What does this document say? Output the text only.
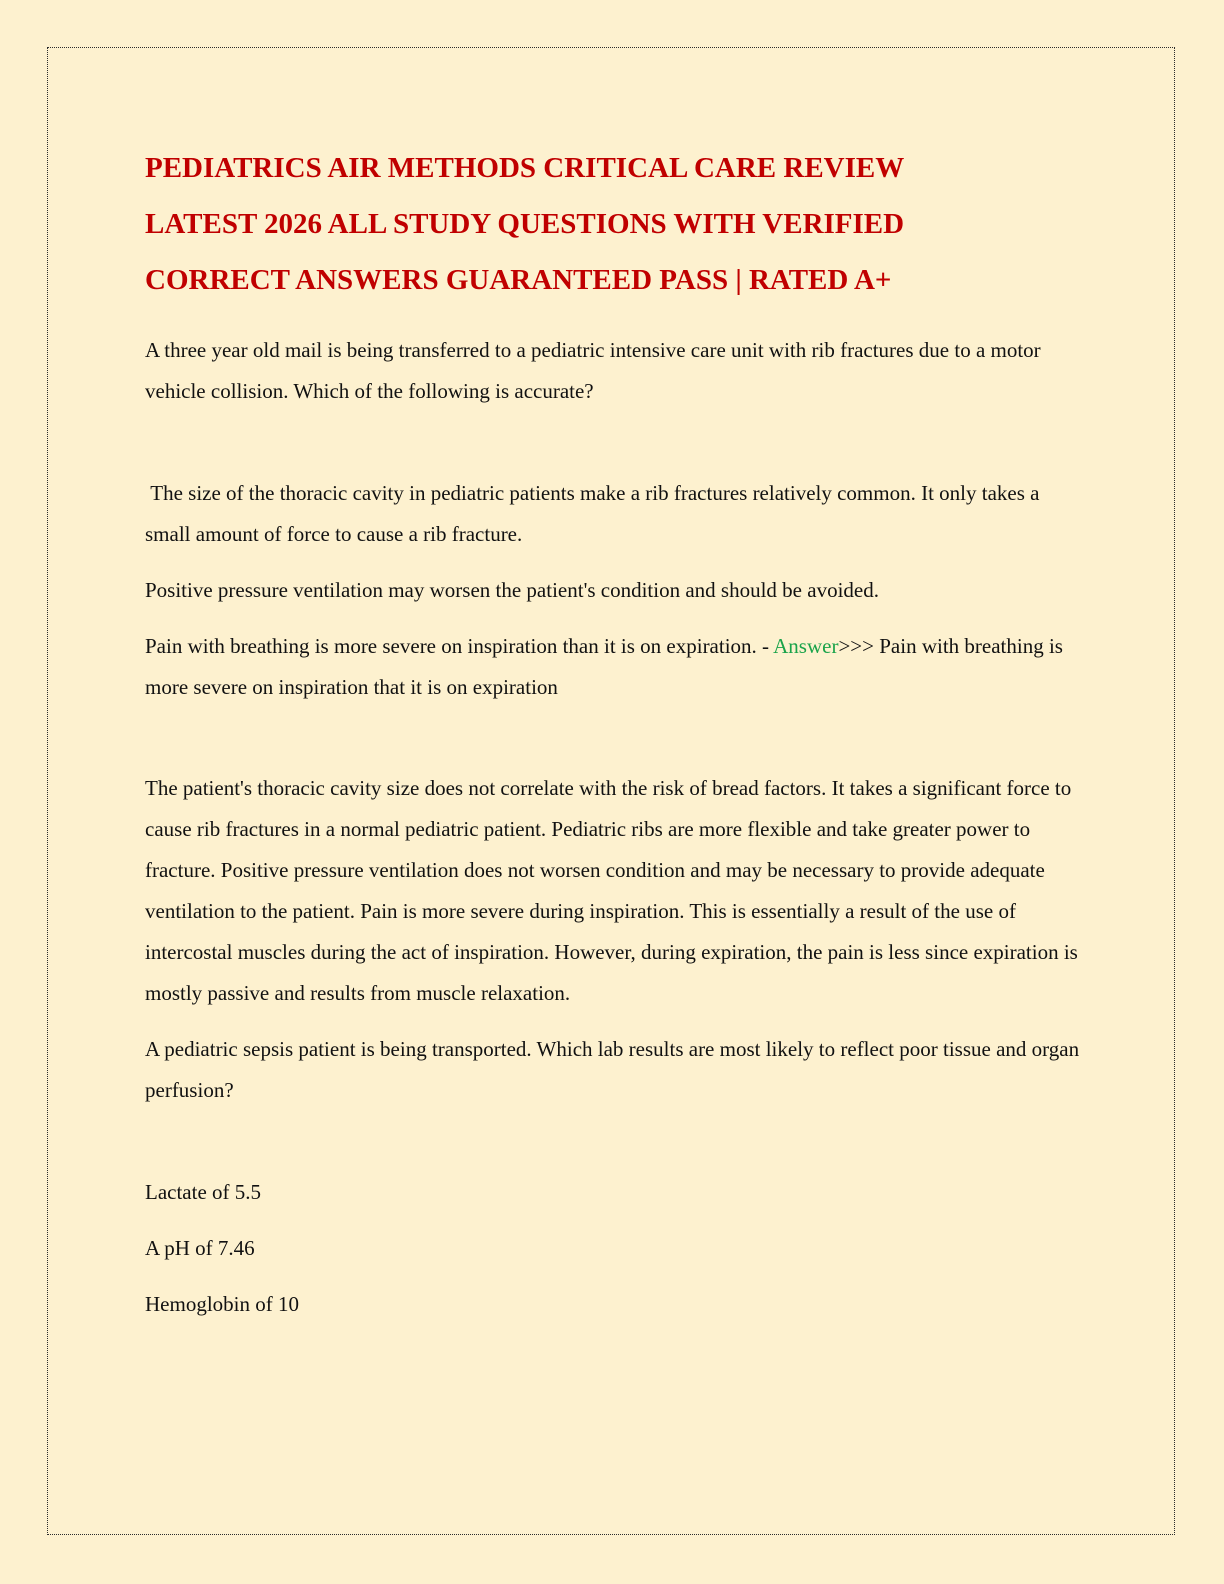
PEDIATRICS AIR METHODS CRITICAL CARE REVIEW
LATEST 2026 ALL STUDY QUESTIONS WITH VERIFIED
CORRECT ANSWERS GUARANTEED PASS | RATED A+

A three year old mail is being transferred to a pediatric intensive care unit with rib fractures due to a motor vehicle collision. Which of the following is accurate?

The size of the thoracic cavity in pediatric patients make a rib fractures relatively common. It only takes a small amount of force to cause a rib fracture.

Positive pressure ventilation may worsen the patient's condition and should be avoided.

Pain with breathing is more severe on inspiration than it is on expiration. - Answer>>> Pain with breathing is more severe on inspiration that it is on expiration

The patient's thoracic cavity size does not correlate with the risk of bread factors. It takes a significant force to cause rib fractures in a normal pediatric patient. Pediatric ribs are more flexible and take greater power to fracture. Positive pressure ventilation does not worsen condition and may be necessary to provide adequate ventilation to the patient. Pain is more severe during inspiration. This is essentially a result of the use of intercostal muscles during the act of inspiration. However, during expiration, the pain is less since expiration is mostly passive and results from muscle relaxation.

A pediatric sepsis patient is being transported. Which lab results are most likely to reflect poor tissue and organ perfusion?

Lactate of 5.5

A pH of 7.46

Hemoglobin of 10
